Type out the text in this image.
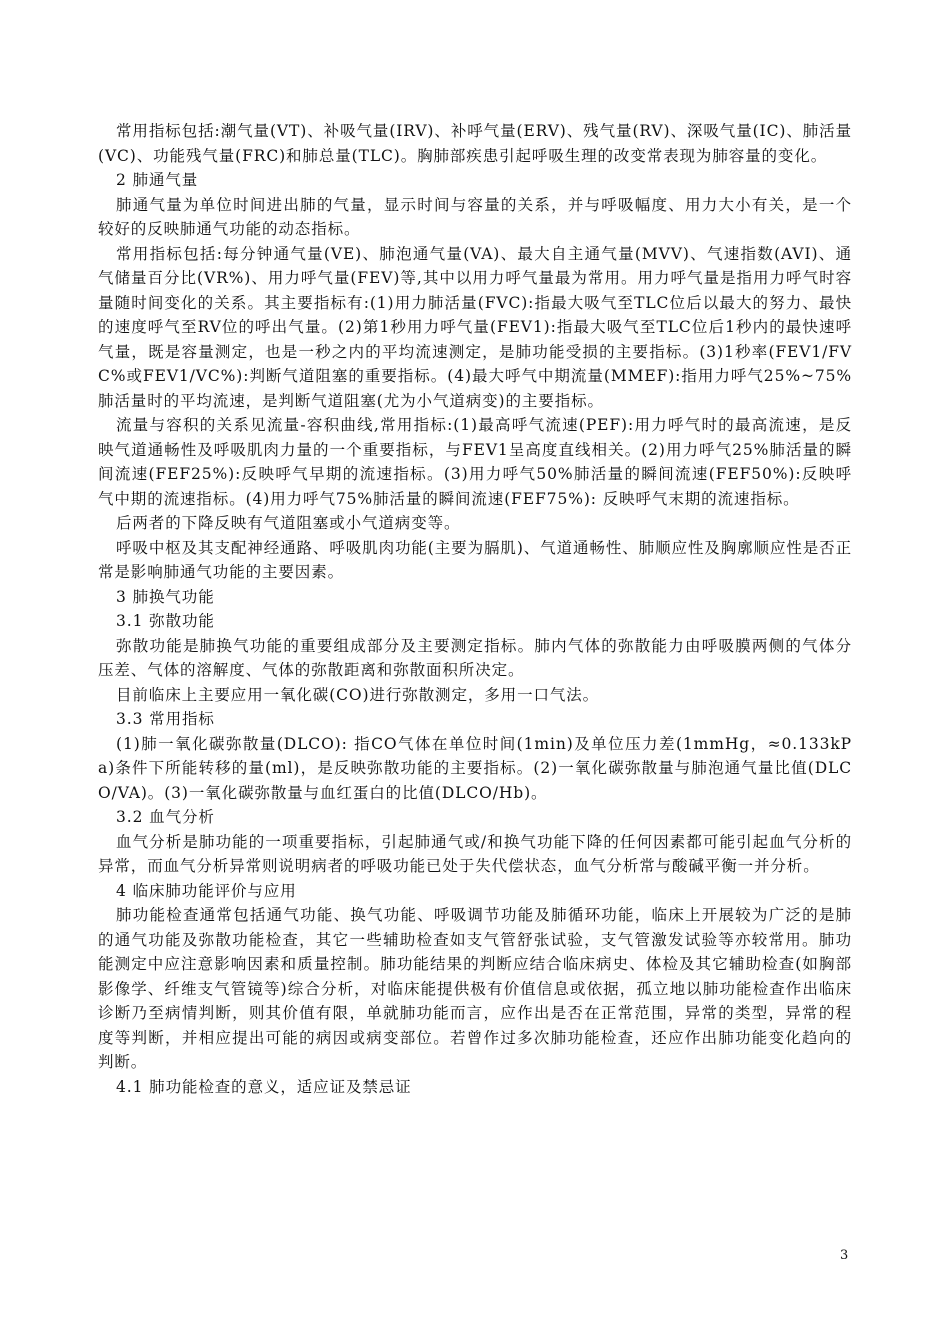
常用指标包括:潮气量(VT)、补吸气量(IRV)、补呼气量(ERV)、残气量(RV)、深吸气量(IC)、肺活量(VC)、功能残气量(FRC)和肺总量(TLC)。胸肺部疾患引起呼吸生理的改变常表现为肺容量的变化。

2 肺通气量

肺通气量为单位时间进出肺的气量，显示时间与容量的关系，并与呼吸幅度、用力大小有关，是一个较好的反映肺通气功能的动态指标。

常用指标包括:每分钟通气量(VE)、肺泡通气量(VA)、最大自主通气量(MVV)、气速指数(AVI)、通气储量百分比(VR%)、用力呼气量(FEV)等,其中以用力呼气量最为常用。用力呼气量是指用力呼气时容量随时间变化的关系。其主要指标有:(1)用力肺活量(FVC):指最大吸气至TLC位后以最大的努力、最快的速度呼气至RV位的呼出气量。(2)第1秒用力呼气量(FEV1):指最大吸气至TLC位后1秒内的最快速呼气量，既是容量测定，也是一秒之内的平均流速测定，是肺功能受损的主要指标。(3)1秒率(FEV1/FVC%或FEV1/VC%):判断气道阻塞的重要指标。(4)最大呼气中期流量(MMEF):指用力呼气25%~75%肺活量时的平均流速，是判断气道阻塞(尤为小气道病变)的主要指标。

流量与容积的关系见流量-容积曲线,常用指标:(1)最高呼气流速(PEF):用力呼气时的最高流速，是反映气道通畅性及呼吸肌肉力量的一个重要指标，与FEV1呈高度直线相关。(2)用力呼气25%肺活量的瞬间流速(FEF25%):反映呼气早期的流速指标。(3)用力呼气50%肺活量的瞬间流速(FEF50%):反映呼气中期的流速指标。(4)用力呼气75%肺活量的瞬间流速(FEF75%): 反映呼气末期的流速指标。

后两者的下降反映有气道阻塞或小气道病变等。

呼吸中枢及其支配神经通路、呼吸肌肉功能(主要为膈肌)、气道通畅性、肺顺应性及胸廓顺应性是否正常是影响肺通气功能的主要因素。

3 肺换气功能

3.1 弥散功能

弥散功能是肺换气功能的重要组成部分及主要测定指标。肺内气体的弥散能力由呼吸膜两侧的气体分压差、气体的溶解度、气体的弥散距离和弥散面积所决定。

目前临床上主要应用一氧化碳(CO)进行弥散测定，多用一口气法。

3.3 常用指标

(1)肺一氧化碳弥散量(DLCO): 指CO气体在单位时间(1min)及单位压力差(1mmHg，≈0.133kPa)条件下所能转移的量(ml)，是反映弥散功能的主要指标。(2)一氧化碳弥散量与肺泡通气量比值(DLCO/VA)。(3)一氧化碳弥散量与血红蛋白的比值(DLCO/Hb)。

3.2 血气分析

血气分析是肺功能的一项重要指标，引起肺通气或/和换气功能下降的任何因素都可能引起血气分析的异常，而血气分析异常则说明病者的呼吸功能已处于失代偿状态，血气分析常与酸碱平衡一并分析。

4 临床肺功能评价与应用

肺功能检查通常包括通气功能、换气功能、呼吸调节功能及肺循环功能，临床上开展较为广泛的是肺的通气功能及弥散功能检查，其它一些辅助检查如支气管舒张试验，支气管激发试验等亦较常用。肺功能测定中应注意影响因素和质量控制。肺功能结果的判断应结合临床病史、体检及其它辅助检查(如胸部影像学、纤维支气管镜等)综合分析，对临床能提供极有价值信息或依据，孤立地以肺功能检查作出临床诊断乃至病情判断，则其价值有限，单就肺功能而言，应作出是否在正常范围，异常的类型，异常的程度等判断，并相应提出可能的病因或病变部位。若曾作过多次肺功能检查，还应作出肺功能变化趋向的判断。

4.1 肺功能检查的意义，适应证及禁忌证

3
